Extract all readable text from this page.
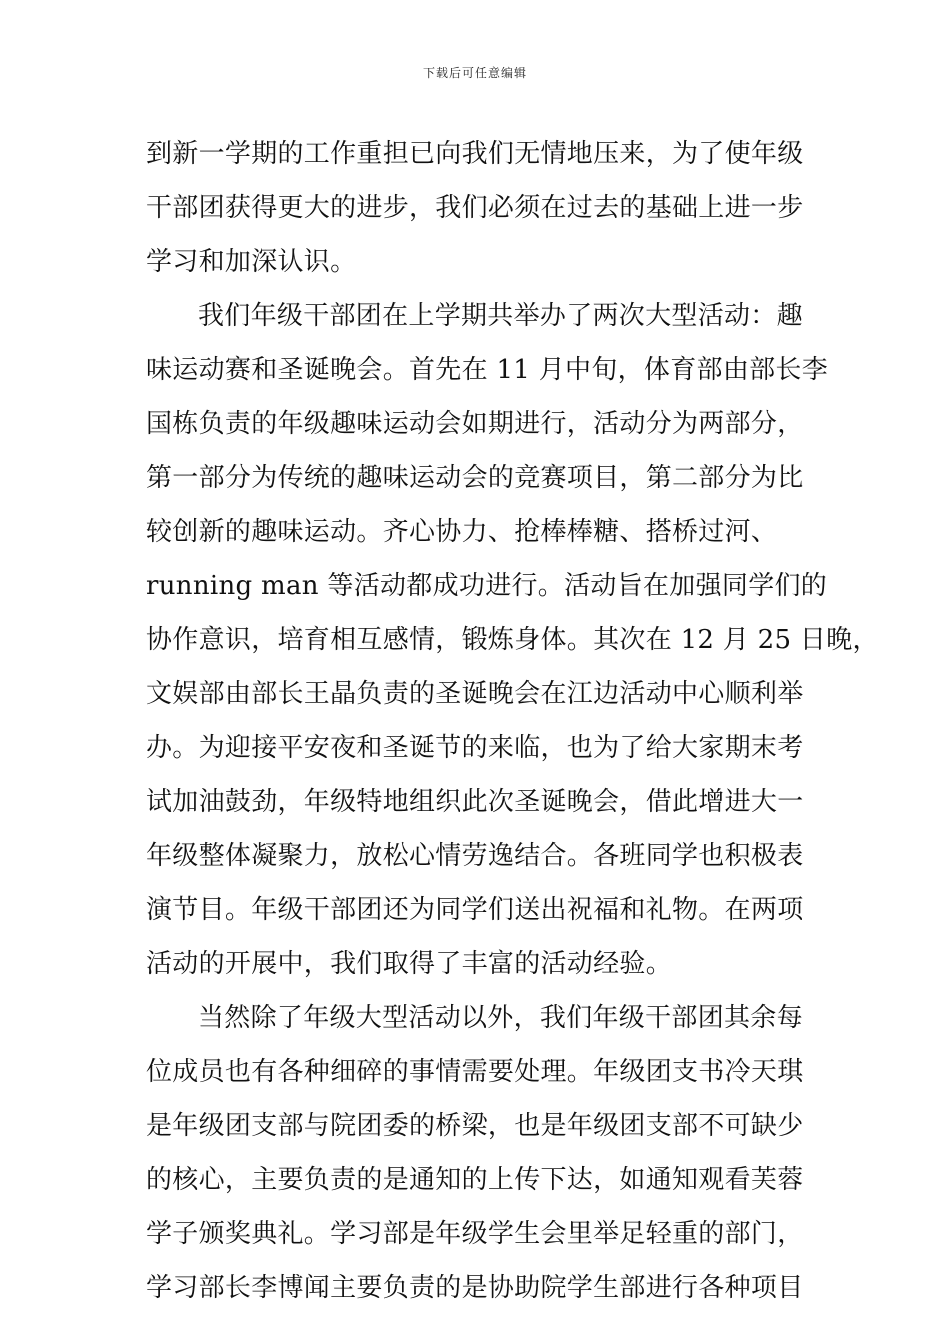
下载后可任意编辑
到新一学期的工作重担已向我们无情地压来，为了使年级
干部团获得更大的进步，我们必须在过去的基础上进一步
学习和加深认识。
我们年级干部团在上学期共举办了两次大型活动：趣
味运动赛和圣诞晚会。首先在 11 月中旬，体育部由部长李
国栋负责的年级趣味运动会如期进行，活动分为两部分，
第一部分为传统的趣味运动会的竞赛项目，第二部分为比
较创新的趣味运动。齐心协力、抢棒棒糖、搭桥过河、
running man 等活动都成功进行。活动旨在加强同学们的
协作意识，培育相互感情，锻炼身体。其次在 12 月 25 日晚，
文娱部由部长王晶负责的圣诞晚会在江边活动中心顺利举
办。为迎接平安夜和圣诞节的来临，也为了给大家期末考
试加油鼓劲，年级特地组织此次圣诞晚会，借此增进大一
年级整体凝聚力，放松心情劳逸结合。各班同学也积极表
演节目。年级干部团还为同学们送出祝福和礼物。在两项
活动的开展中，我们取得了丰富的活动经验。
当然除了年级大型活动以外，我们年级干部团其余每
位成员也有各种细碎的事情需要处理。年级团支书冷天琪
是年级团支部与院团委的桥梁，也是年级团支部不可缺少
的核心，主要负责的是通知的上传下达，如通知观看芙蓉
学子颁奖典礼。学习部是年级学生会里举足轻重的部门，
学习部长李博闻主要负责的是协助院学生部进行各种项目
